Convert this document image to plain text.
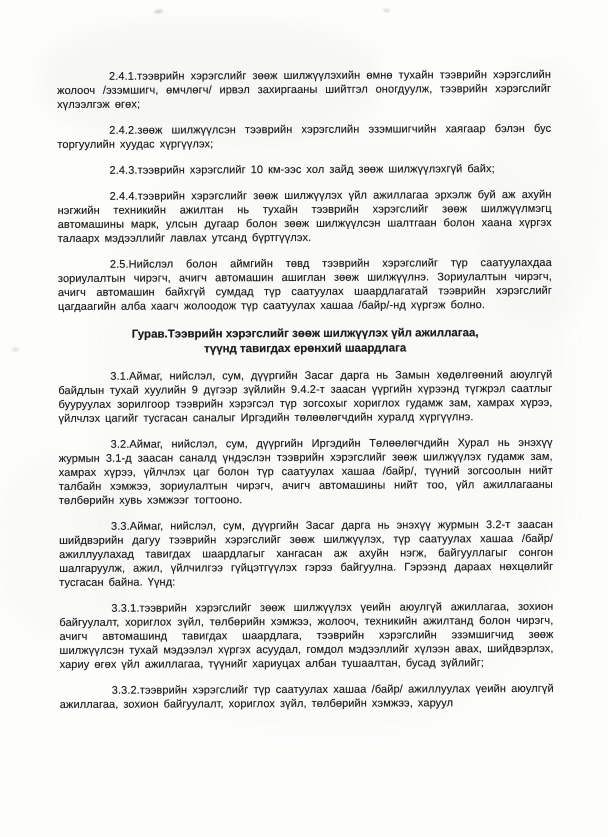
2.4.1.тээврийн хэрэгслийг зөөж шилжүүлэхийн өмнө тухайн тээврийн хэрэгслийн жолооч /эзэмшигч, өмчлөгч/ ирвэл захиргааны шийтгэл оногдуулж, тээврийн хэрэгслийг хүлээлгэж өгөх;

2.4.2.зөөж шилжүүлсэн тээврийн хэрэгслийн эзэмшигчийн хаягаар бэлэн бус торгуулийн хуудас хүргүүлэх;

2.4.3.тээврийн хэрэгслийг 10 км-ээс хол зайд зөөж шилжүүлэхгүй байх;

2.4.4.тээврийн хэрэгслийг зөөж шилжүүлэх үйл ажиллагаа эрхэлж буй аж ахуйн нэгжийн техникийн ажилтан нь тухайн тээврийн хэрэгслийг зөөж шилжүүлмэгц автомашины марк, улсын дугаар болон зөөж шилжүүлсэн шалтгаан болон хаана хүргэх талаарх мэдээллийг лавлах утсанд бүртгүүлэх.

2.5.Нийслэл болон аймгийн төвд тээврийн хэрэгслийг түр саатуулахдаа зориулалтын чирэгч, ачигч автомашин ашиглан зөөж шилжүүлнэ. Зориулалтын чирэгч, ачигч автомашин байхгүй сумдад түр саатуулах шаардлагатай тээврийн хэрэгслийг цагдаагийн алба хаагч жолоодож түр саатуулах хашаа /байр/-нд хүргэж болно.

Гурав.Тээврийн хэрэгслийг зөөж шилжүүлэх үйл ажиллагаа,
түүнд тавигдах ерөнхий шаардлага

3.1.Аймаг, нийслэл, сум, дүүргийн Засаг дарга нь Замын хөдөлгөөний аюулгүй байдлын тухай хуулийн 9 дүгээр зүйлийн 9.4.2-т заасан үүргийн хүрээнд түгжрэл саатлыг бууруулах зорилгоор тээврийн хэрэгсэл түр зогсохыг хориглох гудамж зам, хамрах хүрээ, үйлчлэх цагийг тусгасан саналыг Иргэдийн төлөөлөгчдийн хуралд хүргүүлнэ.

3.2.Аймаг, нийслэл, сум, дүүргийн Иргэдийн Төлөөлөгчдийн Хурал нь энэхүү журмын 3.1-д заасан саналд үндэслэн тээврийн хэрэгслийг зөөж шилжүүлэх гудамж зам, хамрах хүрээ, үйлчлэх цаг болон түр саатуулах хашаа /байр/, түүний зогсоолын нийт талбайн хэмжээ, зориулалтын чирэгч, ачигч автомашины нийт тоо, үйл ажиллагааны төлбөрийн хувь хэмжээг тогтооно.

3.3.Аймаг, нийслэл, сум, дүүргийн Засаг дарга нь энэхүү журмын 3.2-т заасан шийдвэрийн дагуу тээврийн хэрэгслийг зөөж шилжүүлэх, түр саатуулах хашаа /байр/ ажиллуулахад тавигдах шаардлагыг хангасан аж ахуйн нэгж, байгууллагыг сонгон шалгаруулж, ажил, үйлчилгээ гүйцэтгүүлэх гэрээ байгуулна. Гэрээнд дараах нөхцөлийг тусгасан байна. Үүнд:

3.3.1.тээврийн хэрэгслийг зөөж шилжүүлэх үеийн аюулгүй ажиллагаа, зохион байгуулалт, хориглох зүйл, төлбөрийн хэмжээ, жолооч, техникийн ажилтанд болон чирэгч, ачигч автомашинд тавигдах шаардлага, тээврийн хэрэгслийн эзэмшигчид зөөж шилжүүлсэн тухай мэдээлэл хүргэх асуудал, гомдол мэдээллийг хүлээн авах, шийдвэрлэх, хариу өгөх үйл ажиллагаа, түүнийг хариуцах албан тушаалтан, бусад зүйлийг;

3.3.2.тээврийн хэрэгслийг түр саатуулах хашаа /байр/ ажиллуулах үеийн аюулгүй ажиллагаа, зохион байгуулалт, хориглох зүйл, төлбөрийн хэмжээ, харуул
